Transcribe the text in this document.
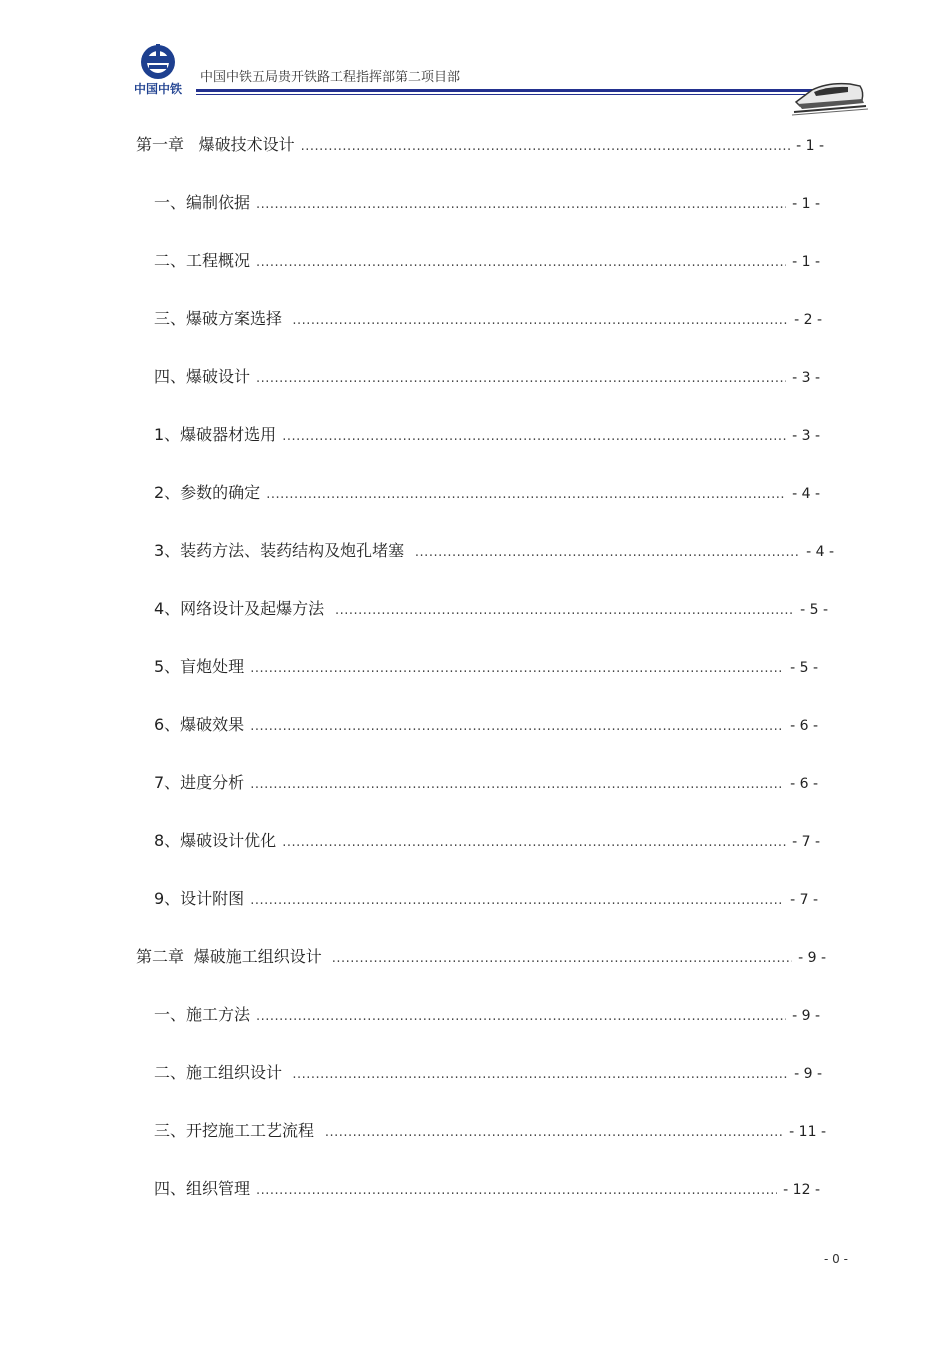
中国中铁
中国中铁五局贵开铁路工程指挥部第二项目部
第一章 爆破技术设计 .....	- 1 -
一、编制依据 .....	- 1 -
二、工程概况 .....	- 1 -
三、爆破方案选择 .....	- 2 -
四、爆破设计 .....	- 3 -
1、爆破器材选用 .....	- 3 -
2、参数的确定 .....	- 4 -
3、装药方法、装药结构及炮孔堵塞 .....	- 4 -
4、网络设计及起爆方法 .....	- 5 -
5、盲炮处理 .....	- 5 -
6、爆破效果 .....	- 6 -
7、进度分析 .....	- 6 -
8、爆破设计优化 .....	- 7 -
9、设计附图 .....	- 7 -
第二章 爆破施工组织设计 .....	- 9 -
一、施工方法 .....	- 9 -
二、施工组织设计 .....	- 9 -
三、开挖施工工艺流程 .....	- 11 -
四、组织管理 .....	- 12 -
- 0 -
